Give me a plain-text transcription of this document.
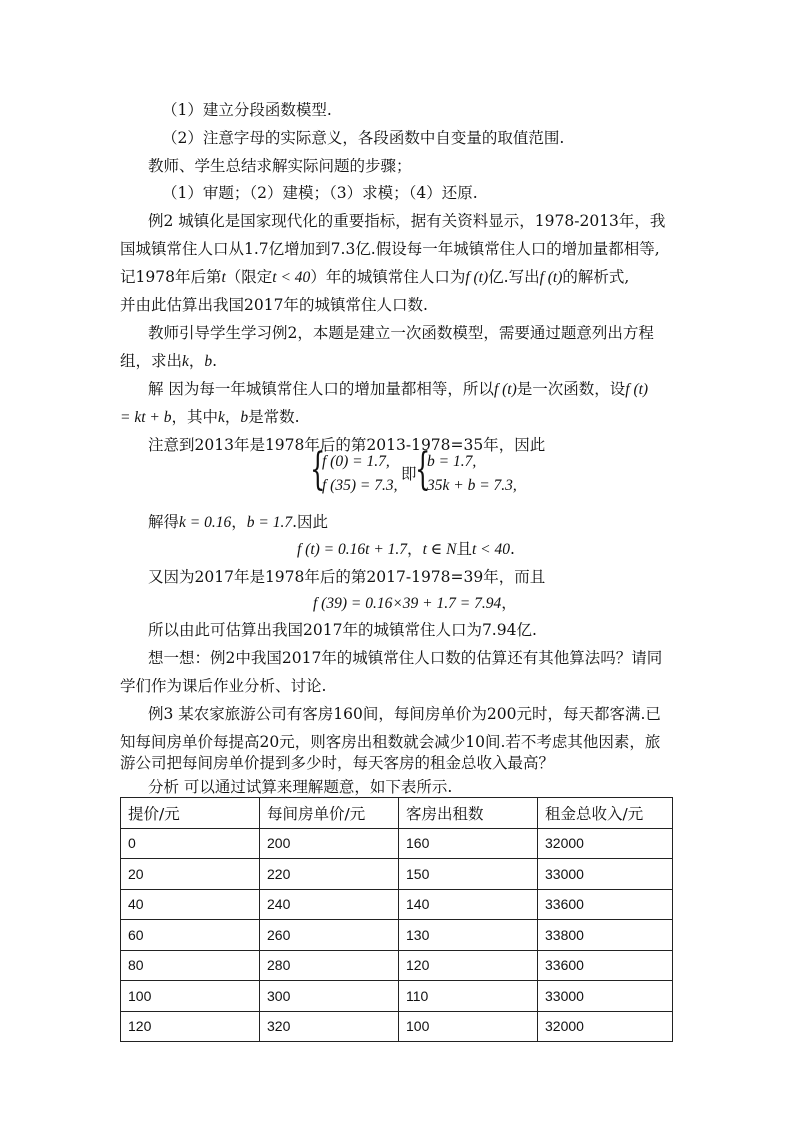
（1）建立分段函数模型.
（2）注意字母的实际意义，各段函数中自变量的取值范围.
教师、学生总结求解实际问题的步骤；
（1）审题；（2）建模；（3）求模；（4）还原.
例2 城镇化是国家现代化的重要指标，据有关资料显示，1978-2013年，我
国城镇常住人口从1.7亿增加到7.3亿.假设每一年城镇常住人口的增加量都相等,
记1978年后第t（限定t < 40）年的城镇常住人口为f (t)亿.写出f (t)的解析式,
并由此估算出我国2017年的城镇常住人口数.
教师引导学生学习例2，本题是建立一次函数模型，需要通过题意列出方程
组，求出k，b.
解 因为每一年城镇常住人口的增加量都相等，所以f (t)是一次函数，设f (t)
= kt + b，其中k，b是常数.
注意到2013年是1978年后的第2013-1978=35年，因此
{
f (0) = 1.7,
f (35) = 7.3,
即
{
b = 1.7,
35k + b = 7.3,
解得k = 0.16，b = 1.7.因此
f (t) = 0.16t + 1.7，t ∈ N且t < 40.
又因为2017年是1978年后的第2017-1978=39年，而且
f (39) = 0.16×39 + 1.7 = 7.94，
所以由此可估算出我国2017年的城镇常住人口为7.94亿.
想一想：例2中我国2017年的城镇常住人口数的估算还有其他算法吗？请同
学们作为课后作业分析、讨论.
例3 某农家旅游公司有客房160间，每间房单价为200元时，每天都客满.已
知每间房单价每提高20元，则客房出租数就会减少10间.若不考虑其他因素，旅
游公司把每间房单价提到多少时，每天客房的租金总收入最高？
分析 可以通过试算来理解题意，如下表所示.
提价/元	每间房单价/元	客房出租数	租金总收入/元
0	200	160	32000
20	220	150	33000
40	240	140	33600
60	260	130	33800
80	280	120	33600
100	300	110	33000
120	320	100	32000
